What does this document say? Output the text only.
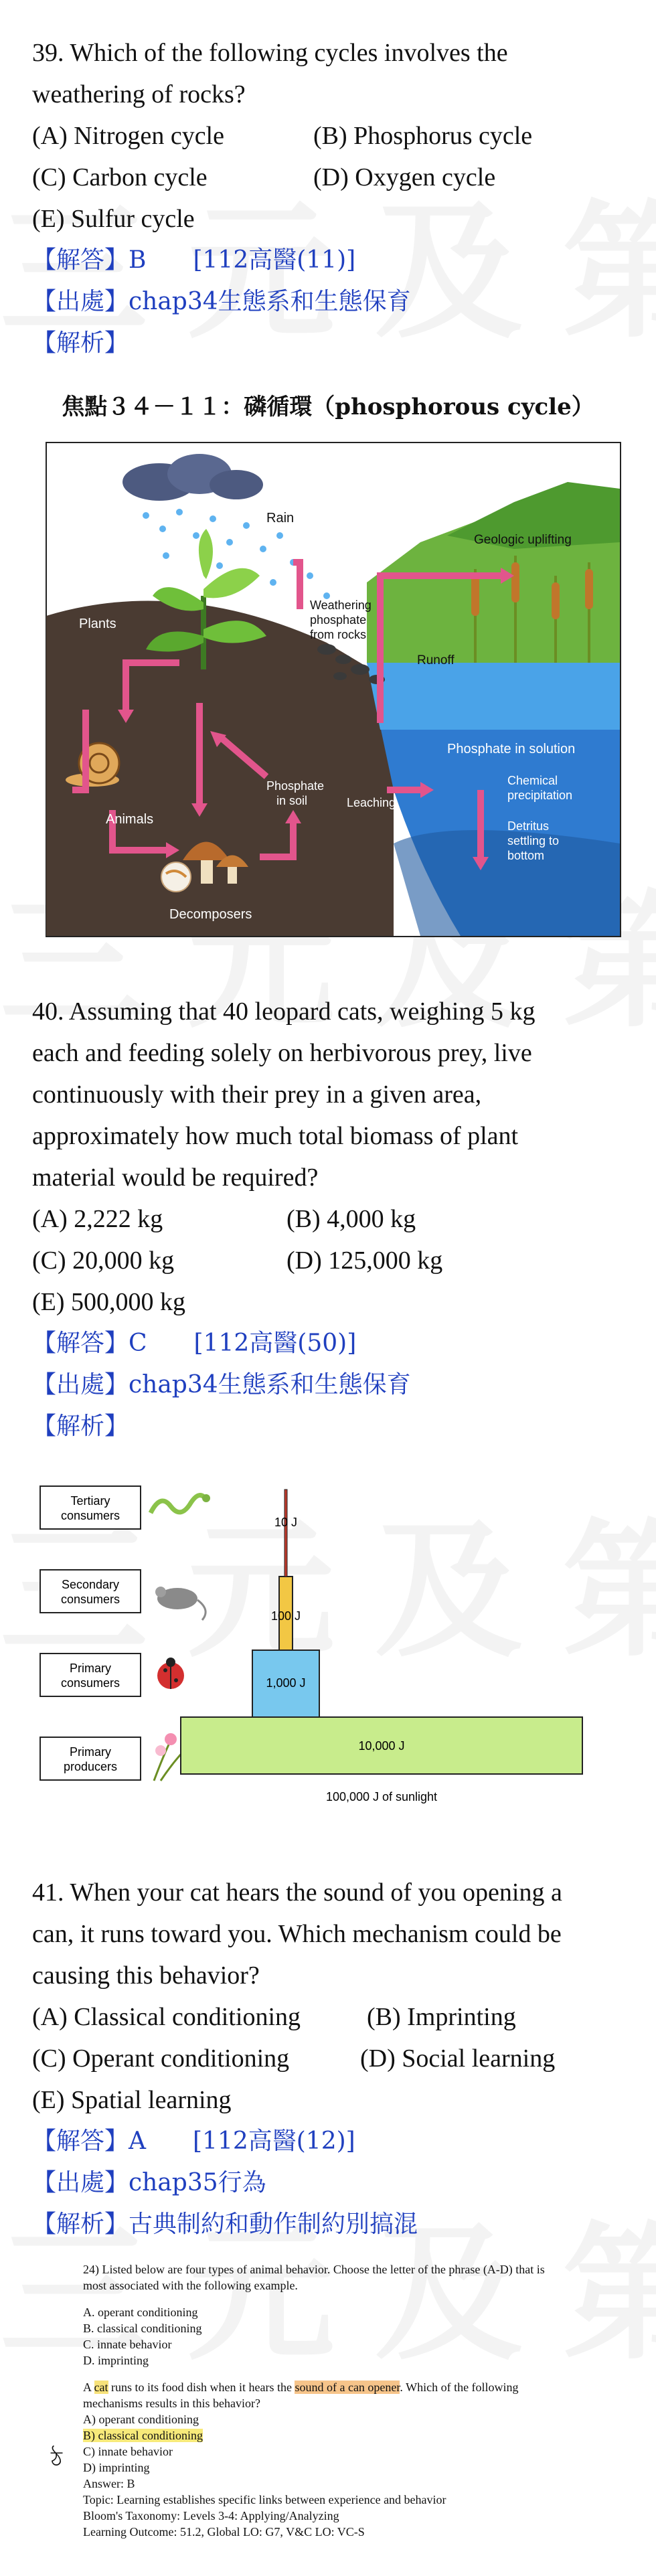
39. Which of the following cycles involves the
weathering of rocks?
(A) Nitrogen cycle	(B) Phosphorus cycle
(C) Carbon cycle	(D) Oxygen cycle
(E) Sulfur cycle
【解答】B [112高醫(11)]
【出處】chap34生態系和生態保育
【解析】
焦點３４－１１：磷循環（phosphorous cycle）
Rain
Plants
Animals
Decomposers
Weathering
phosphate
from rocks
Geologic uplifting
Runoff
Phosphate in solution
Chemical
precipitation
Detritus
settling to
bottom
Phosphate
in soil	Leaching
40. Assuming that 40 leopard cats, weighing 5 kg
each and feeding solely on herbivorous prey, live
continuously with their prey in a given area,
approximately how much total biomass of plant
material would be required?
(A) 2,222 kg	(B) 4,000 kg
(C) 20,000 kg	(D) 125,000 kg
(E) 500,000 kg
【解答】C [112高醫(50)]
【出處】chap34生態系和生態保育
【解析】
Tertiary
consumers
Secondary
consumers
Primary
consumers
Primary
producers
10,000 J
1,000 J
100 J
10 J
100,000 J of sunlight
41. When your cat hears the sound of you opening a
can, it runs toward you. Which mechanism could be
causing this behavior?
(A) Classical conditioning	(B) Imprinting
(C) Operant conditioning	(D) Social learning
(E) Spatial learning
【解答】A [112高醫(12)]
【出處】chap35行為
【解析】古典制約和動作制約別搞混
24) Listed below are four types of animal behavior. Choose the letter of the phrase (A-D) that is
most associated with the following example.
A. operant conditioning
B. classical conditioning
C. innate behavior
D. imprinting
A cat runs to its food dish when it hears the sound of a can opener. Which of the following
mechanisms results in this behavior?
A) operant conditioning
B) classical conditioning
C) innate behavior
D) imprinting
Answer: B
Topic: Learning establishes specific links between experience and behavior
Bloom's Taxonomy: Levels 3-4: Applying/Analyzing
Learning Outcome: 51.2, Global LO: G7, V&C LO: VC-S
ঠ
